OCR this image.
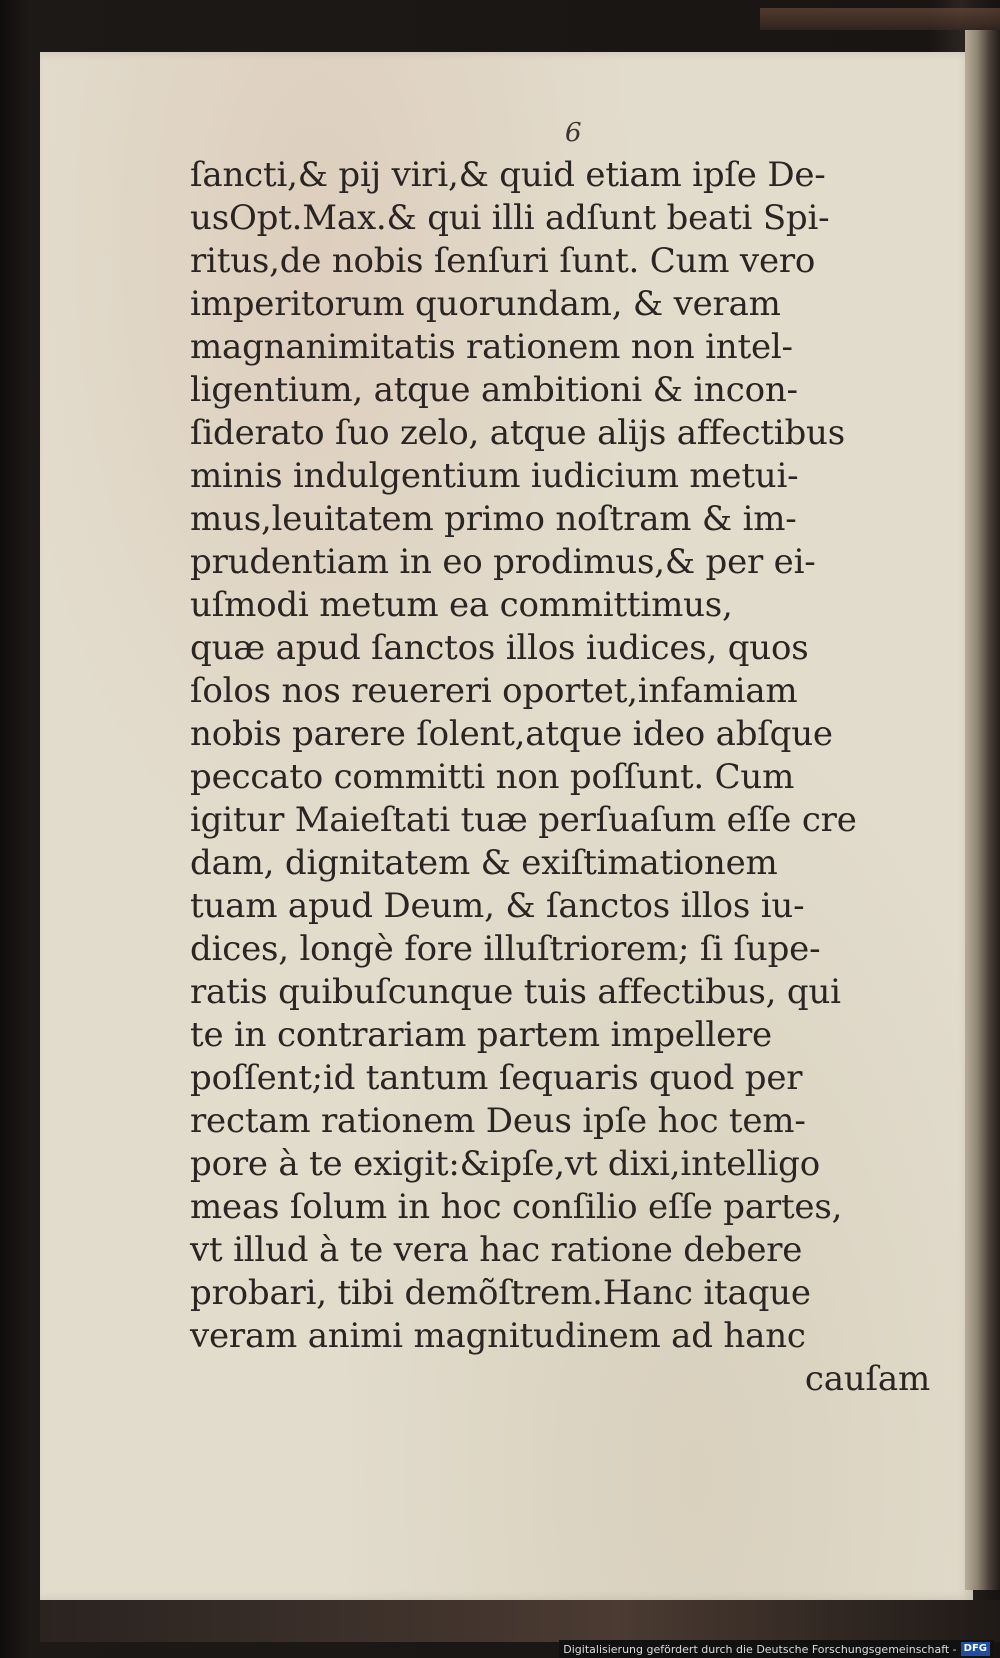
6
ſancti,& pij viri,& quid etiam ipſe De-
usOpt.Max.& qui illi adſunt beati Spi-
ritus,de nobis ſenſuri ſunt. Cum vero
imperitorum quorundam, & veram
magnanimitatis rationem non intel-
ligentium, atque ambitioni & incon-
ſiderato ſuo zelo, atque alijs affectibus
minis indulgentium iudicium metui-
mus,leuitatem primo noſtram & im-
prudentiam in eo prodimus,& per ei-
uſmodi metum ea committimus,
quæ apud ſanctos illos iudices, quos
ſolos nos reuereri oportet,infamiam
nobis parere ſolent,atque ideo abſque
peccato committi non poſſunt. Cum
igitur Maieſtati tuæ perſuaſum eſſe cre
dam, dignitatem & exiſtimationem
tuam apud Deum, & ſanctos illos iu-
dices, longè fore illuſtriorem; ſi ſupe-
ratis quibuſcunque tuis affectibus, qui
te in contrariam partem impellere
poſſent;id tantum ſequaris quod per
rectam rationem Deus ipſe hoc tem-
pore à te exigit:&ipſe,vt dixi,intelligo
meas ſolum in hoc conſilio eſſe partes,
vt illud à te vera hac ratione debere
probari, tibi demõſtrem.Hanc itaque
veram animi magnitudinem ad hanc
cauſam
Digitalisierung gefördert durch die Deutsche Forschungsgemeinschaft - DFG
